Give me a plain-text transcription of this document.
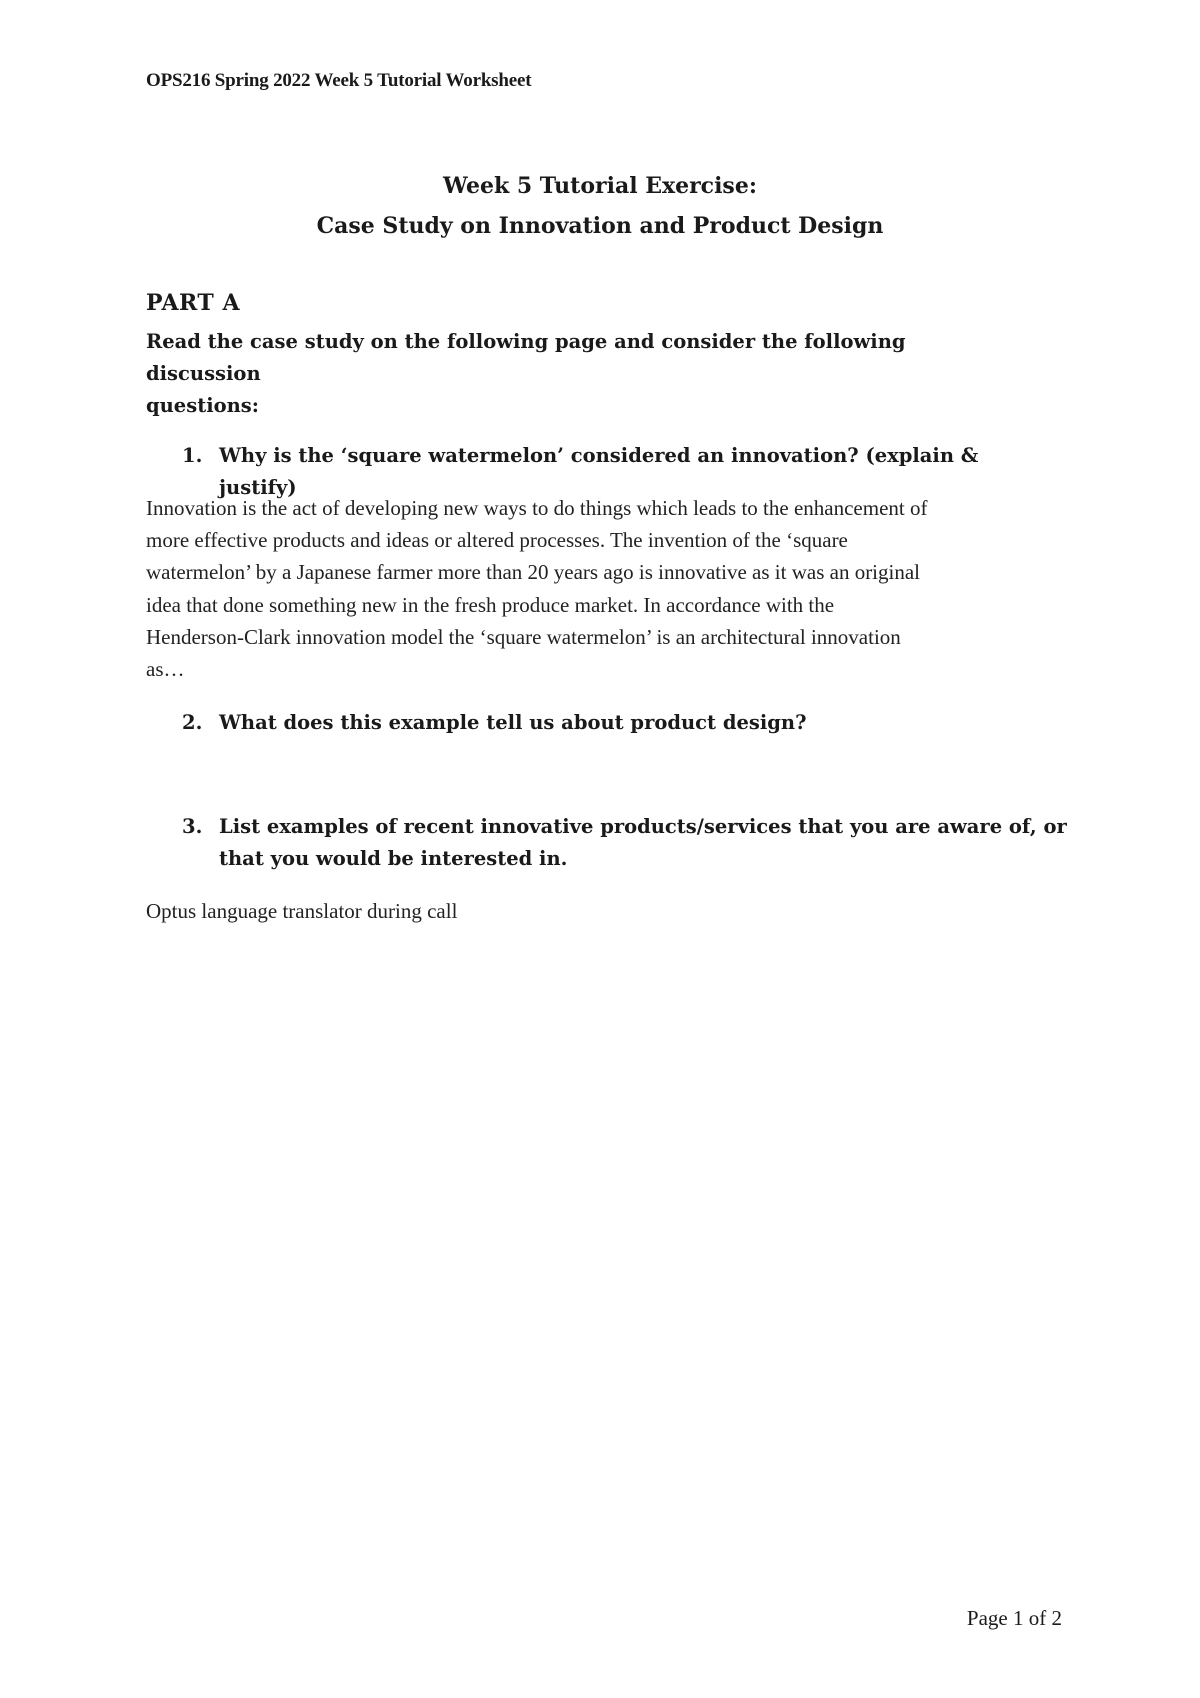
OPS216 Spring 2022 Week 5 Tutorial Worksheet
Week 5 Tutorial Exercise:
Case Study on Innovation and Product Design
PART A
Read the case study on the following page and consider the following discussion
questions:
1. Why is the ‘square watermelon’ considered an innovation? (explain & justify)
Innovation is the act of developing new ways to do things which leads to the enhancement of
more effective products and ideas or altered processes. The invention of the ‘square
watermelon’ by a Japanese farmer more than 20 years ago is innovative as it was an original
idea that done something new in the fresh produce market. In accordance with the
Henderson-Clark innovation model the ‘square watermelon’ is an architectural innovation
as…
2. What does this example tell us about product design?
3. List examples of recent innovative products/services that you are aware of, or
that you would be interested in.
Optus language translator during call
Page 1 of 2
